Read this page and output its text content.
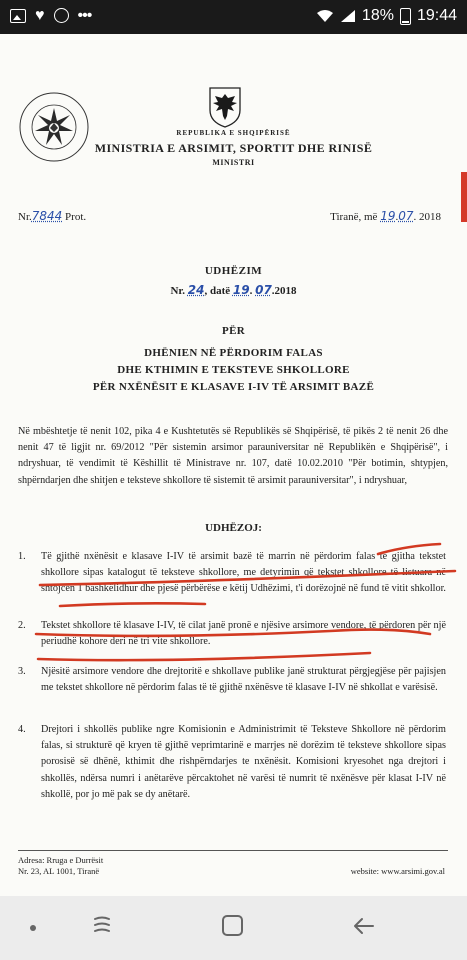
♥ •••	18% 19:44
REPUBLIKA E SHQIPËRISË
MINISTRIA E ARSIMIT, SPORTIT DHE RINISË
MINISTRI
Nr.7844 Prot.	Tiranë, më 19.07. 2018
UDHËZIM
Nr. 24, datë 19. 07.2018
PËR
DHËNIEN NË PËRDORIM FALAS
DHE KTHIMIN E TEKSTEVE SHKOLLORE
PËR NXËNËSIT E KLASAVE I-IV TË ARSIMIT BAZË
Në mbështetje të nenit 102, pika 4 e Kushtetutës së Republikës së Shqipërisë, të pikës 2 të nenit 26 dhe nenit 47 të ligjit nr. 69/2012 "Për sistemin arsimor parauniversitar në Republikën e Shqipërisë", i ndryshuar, të vendimit të Këshillit të Ministrave nr. 107, datë 10.02.2010 "Për botimin, shtypjen, shpërndarjen dhe shitjen e teksteve shkollore të sistemit të arsimit parauniversitar", i ndryshuar,
UDHËZOJ:
1. Të gjithë nxënësit e klasave I-IV të arsimit bazë të marrin në përdorim falas të gjitha tekstet shkollore sipas katalogut të teksteve shkollore, me detyrimin që tekstet shkollore të listuara në shtojcën 1 bashkëlidhur dhe pjesë përbërëse e këtij Udhëzimi, t'i dorëzojnë në fund të vitit shkollor.
2. Tekstet shkollore të klasave I-IV, të cilat janë pronë e njësive arsimore vendore, të përdoren për një periudhë kohore deri në tri vite shkollore.
3. Njësitë arsimore vendore dhe drejtoritë e shkollave publike janë strukturat përgjegjëse për pajisjen me tekstet shkollore në përdorim falas të të gjithë nxënësve të klasave I-IV në shkollat e varësisë.
4. Drejtori i shkollës publike ngre Komisionin e Administrimit të Teksteve Shkollore në përdorim falas, si strukturë që kryen të gjithë veprimtarinë e marrjes në dorëzim të teksteve shkollore sipas porosisë së dhënë, kthimit dhe rishpërndarjes te nxënësit. Komisioni kryesohet nga drejtori i shkollës, ndërsa numri i anëtarëve përcaktohet në varësi të numrit të nxënësve për klasat I-IV në shkollë, por jo më pak se dy anëtarë.
Adresa: Rruga e Durrësit
Nr. 23, AL 1001, Tiranë	website: www.arsimi.gov.al
